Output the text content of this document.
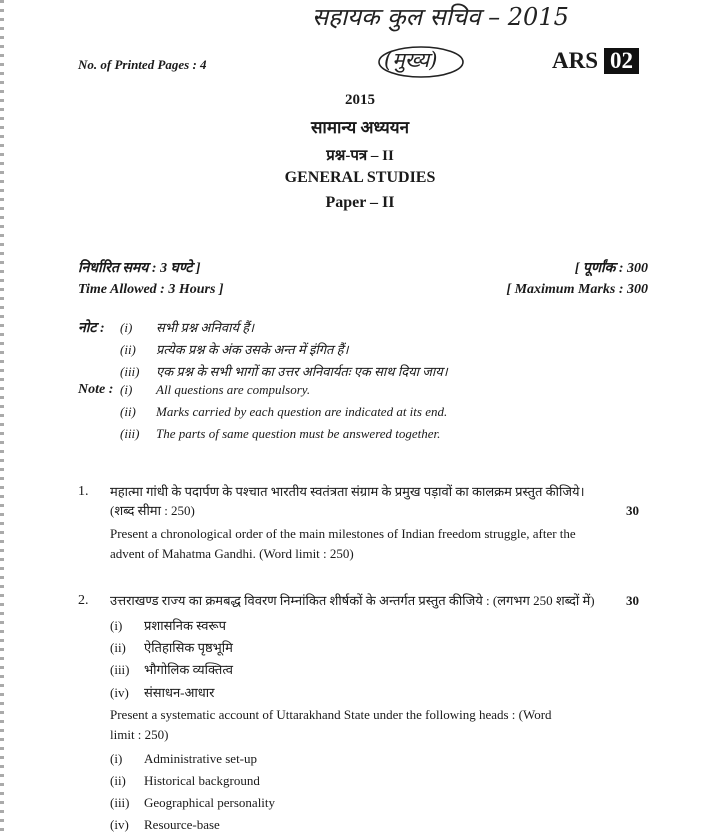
सहायक कुल सचिव – 2015
(मुख्य)
No. of Printed Pages : 4	ARS 02
2015
सामान्य अध्ययन
प्रश्न-पत्र – II
GENERAL STUDIES
Paper – II
निर्धारित समय : 3 घण्टे ]
Time Allowed : 3 Hours ]
[ पूर्णांक : 300
[ Maximum Marks : 300
नोट : (i) सभी प्रश्न अनिवार्य हैं।
(ii) प्रत्येक प्रश्न के अंक उसके अन्त में इंगित हैं।
(iii) एक प्रश्न के सभी भागों का उत्तर अनिवार्यतः एक साथ दिया जाय।
Note : (i) All questions are compulsory.
(ii) Marks carried by each question are indicated at its end.
(iii) The parts of same question must be answered together.
1. महात्मा गांधी के पदार्पण के पश्चात भारतीय स्वतंत्रता संग्राम के प्रमुख पड़ावों का कालक्रम प्रस्तुत कीजिये।
(शब्द सीमा : 250)	30
Present a chronological order of the main milestones of Indian freedom struggle, after the
advent of Mahatma Gandhi. (Word limit : 250)
2. उत्तराखण्ड राज्य का क्रमबद्ध विवरण निम्नांकित शीर्षकों के अन्तर्गत प्रस्तुत कीजिये : (लगभग 250 शब्दों में) 30
(i) प्रशासनिक स्वरूप
(ii) ऐतिहासिक पृष्ठभूमि
(iii) भौगोलिक व्यक्तित्व
(iv) संसाधन-आधार
Present a systematic account of Uttarakhand State under the following heads : (Word
limit : 250)
(i) Administrative set-up
(ii) Historical background
(iii) Geographical personality
(iv) Resource-base
